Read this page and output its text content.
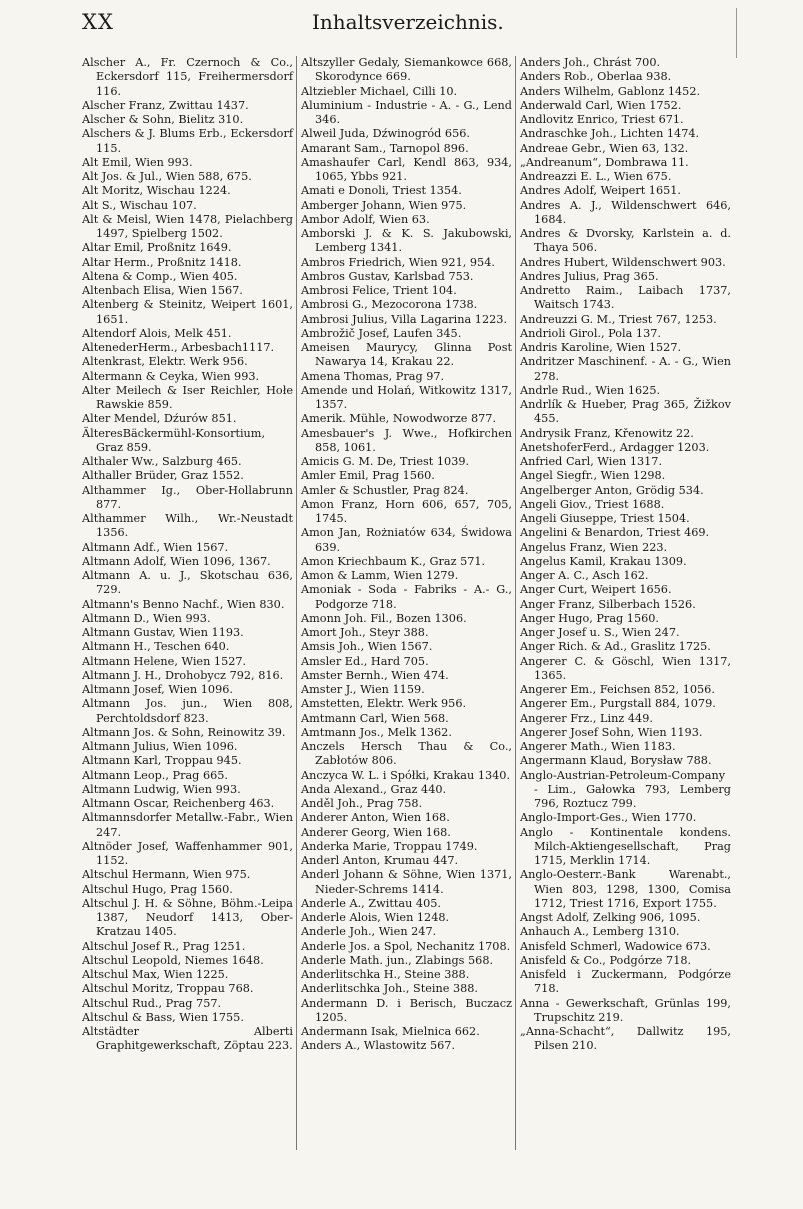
XX	Inhaltsverzeichnis.

Alscher A., Fr. Czernoch & Co., Eckersdorf 115, Freihermersdorf 116.

Alscher Franz, Zwittau 1437.

Alscher & Sohn, Bielitz 310.

Alschers & J. Blums Erb., Eckersdorf 115.

Alt Emil, Wien 993.

Alt Jos. & Jul., Wien 588, 675.

Alt Moritz, Wischau 1224.

Alt S., Wischau 107.

Alt & Meisl, Wien 1478, Pielachberg 1497, Spielberg 1502.

Altar Emil, Proßnitz 1649.

Altar Herm., Proßnitz 1418.

Altena & Comp., Wien 405.

Altenbach Elisa, Wien 1567.

Altenberg & Steinitz, Weipert 1601, 1651.

Altendorf Alois, Melk 451.

AltenederHerm., Arbesbach1117.

Altenkrast, Elektr. Werk 956.

Altermann & Ceyka, Wien 993.

Alter Meilech & Iser Reichler, Hołe Rawskie 859.

Alter Mendel, Dźurów 851.

ÄlteresBäckermühl-Konsortium, Graz 859.

Althaler Ww., Salzburg 465.

Althaller Brüder, Graz 1552.

Althammer Ig., Ober-Hollabrunn 877.

Althammer Wilh., Wr.-Neustadt 1356.

Altmann Adf., Wien 1567.

Altmann Adolf, Wien 1096, 1367.

Altmann A. u. J., Skotschau 636, 729.

Altmann's Benno Nachf., Wien 830.

Altmann D., Wien 993.

Altmann Gustav, Wien 1193.

Altmann H., Teschen 640.

Altmann Helene, Wien 1527.

Altmann J. H., Drohobycz 792, 816.

Altmann Josef, Wien 1096.

Altmann Jos. jun., Wien 808, Perchtoldsdorf 823.

Altmann Jos. & Sohn, Reinowitz 39.

Altmann Julius, Wien 1096.

Altmann Karl, Troppau 945.

Altmann Leop., Prag 665.

Altmann Ludwig, Wien 993.

Altmann Oscar, Reichenberg 463.

Altmannsdorfer Metallw.-Fabr., Wien 247.

Altnöder Josef, Waffenhammer 901, 1152.

Altschul Hermann, Wien 975.

Altschul Hugo, Prag 1560.

Altschul J. H. & Söhne, Böhm.-Leipa 1387, Neudorf 1413, Ober-Kratzau 1405.

Altschul Josef R., Prag 1251.

Altschul Leopold, Niemes 1648.

Altschul Max, Wien 1225.

Altschul Moritz, Troppau 768.

Altschul Rud., Prag 757.

Altschul & Bass, Wien 1755.

Altstädter Alberti Graphitgewerkschaft, Zöptau 223.

Altszyller Gedaly, Siemankowce 668, Skorodynce 669.

Altziebler Michael, Cilli 10.

Aluminium - Industrie - A. - G., Lend 346.

Alweil Juda, Dźwinogród 656.

Amarant Sam., Tarnopol 896.

Amashaufer Carl, Kendl 863, 934, 1065, Ybbs 921.

Amati e Donoli, Triest 1354.

Amberger Johann, Wien 975.

Ambor Adolf, Wien 63.

Amborski J. & K. S. Jakubowski, Lemberg 1341.

Ambros Friedrich, Wien 921, 954.

Ambros Gustav, Karlsbad 753.

Ambrosi Felice, Trient 104.

Ambrosi G., Mezocorona 1738.

Ambrosi Julius, Villa Lagarina 1223.

Ambrožič Josef, Laufen 345.

Ameisen Maurycy, Glinna Post Nawarya 14, Krakau 22.

Amena Thomas, Prag 97.

Amende und Holań, Witkowitz 1317, 1357.

Amerik. Mühle, Nowodworze 877.

Amesbauer's J. Wwe., Hofkirchen 858, 1061.

Amicis G. M. De, Triest 1039.

Amler Emil, Prag 1560.

Amler & Schustler, Prag 824.

Amon Franz, Horn 606, 657, 705, 1745.

Amon Jan, Rożniatów 634, Świdowa 639.

Amon Kriechbaum K., Graz 571.

Amon & Lamm, Wien 1279.

Amoniak - Soda - Fabriks - A.- G., Podgorze 718.

Amonn Joh. Fil., Bozen 1306.

Amort Joh., Steyr 388.

Amsis Joh., Wien 1567.

Amsler Ed., Hard 705.

Amster Bernh., Wien 474.

Amster J., Wien 1159.

Amstetten, Elektr. Werk 956.

Amtmann Carl, Wien 568.

Amtmann Jos., Melk 1362.

Anczels Hersch Thau & Co., Zabłotów 806.

Anczyca W. L. i Spółki, Krakau 1340.

Anda Alexand., Graz 440.

Anděl Joh., Prag 758.

Anderer Anton, Wien 168.

Anderer Georg, Wien 168.

Anderka Marie, Troppau 1749.

Anderl Anton, Krumau 447.

Anderl Johann & Söhne, Wien 1371, Nieder-Schrems 1414.

Anderle A., Zwittau 405.

Anderle Alois, Wien 1248.

Anderle Joh., Wien 247.

Anderle Jos. a Spol, Nechanitz 1708.

Anderle Math. jun., Zlabings 568.

Anderlitschka H., Steine 388.

Anderlitschka Joh., Steine 388.

Andermann D. i Berisch, Buczacz 1205.

Andermann Isak, Mielnica 662.

Anders A., Wlastowitz 567.

Anders Joh., Chrást 700.

Anders Rob., Oberlaa 938.

Anders Wilhelm, Gablonz 1452.

Anderwald Carl, Wien 1752.

Andlovitz Enrico, Triest 671.

Andraschke Joh., Lichten 1474.

Andreae Gebr., Wien 63, 132.

„Andreanum“, Dombrawa 11.

Andreazzi E. L., Wien 675.

Andres Adolf, Weipert 1651.

Andres A. J., Wildenschwert 646, 1684.

Andres & Dvorsky, Karlstein a. d. Thaya 506.

Andres Hubert, Wildenschwert 903.

Andres Julius, Prag 365.

Andretto Raim., Laibach 1737, Waitsch 1743.

Andreuzzi G. M., Triest 767, 1253.

Andrioli Girol., Pola 137.

Andris Karoline, Wien 1527.

Andritzer Maschinenf. - A. - G., Wien 278.

Andrle Rud., Wien 1625.

Andrlík & Hueber, Prag 365, Žižkov 455.

Andrysik Franz, Křenowitz 22.

AnetshoferFerd., Ardagger 1203.

Anfried Carl, Wien 1317.

Angel Siegfr., Wien 1298.

Angelberger Anton, Grödig 534.

Angeli Giov., Triest 1688.

Angeli Giuseppe, Triest 1504.

Angelini & Benardon, Triest 469.

Angelus Franz, Wien 223.

Angelus Kamil, Krakau 1309.

Anger A. C., Asch 162.

Anger Curt, Weipert 1656.

Anger Franz, Silberbach 1526.

Anger Hugo, Prag 1560.

Anger Josef u. S., Wien 247.

Anger Rich. & Ad., Graslitz 1725.

Angerer C. & Göschl, Wien 1317, 1365.

Angerer Em., Feichsen 852, 1056.

Angerer Em., Purgstall 884, 1079.

Angerer Frz., Linz 449.

Angerer Josef Sohn, Wien 1193.

Angerer Math., Wien 1183.

Angermann Klaud, Borysław 788.

Anglo-Austrian-Petroleum-Company - Lim., Gałowka 793, Lemberg 796, Roztucz 799.

Anglo-Import-Ges., Wien 1770.

Anglo - Kontinentale kondens. Milch-Aktiengesellschaft, Prag 1715, Merklin 1714.

Anglo-Oesterr.-Bank Warenabt., Wien 803, 1298, 1300, Comisa 1712, Triest 1716, Export 1755.

Angst Adolf, Zelking 906, 1095.

Anhauch A., Lemberg 1310.

Anisfeld Schmerl, Wadowice 673.

Anisfeld & Co., Podgórze 718.

Anisfeld i Zuckermann, Podgórze 718.

Anna - Gewerkschaft, Grünlas 199, Trupschitz 219.

„Anna-Schacht“, Dallwitz 195, Pilsen 210.
